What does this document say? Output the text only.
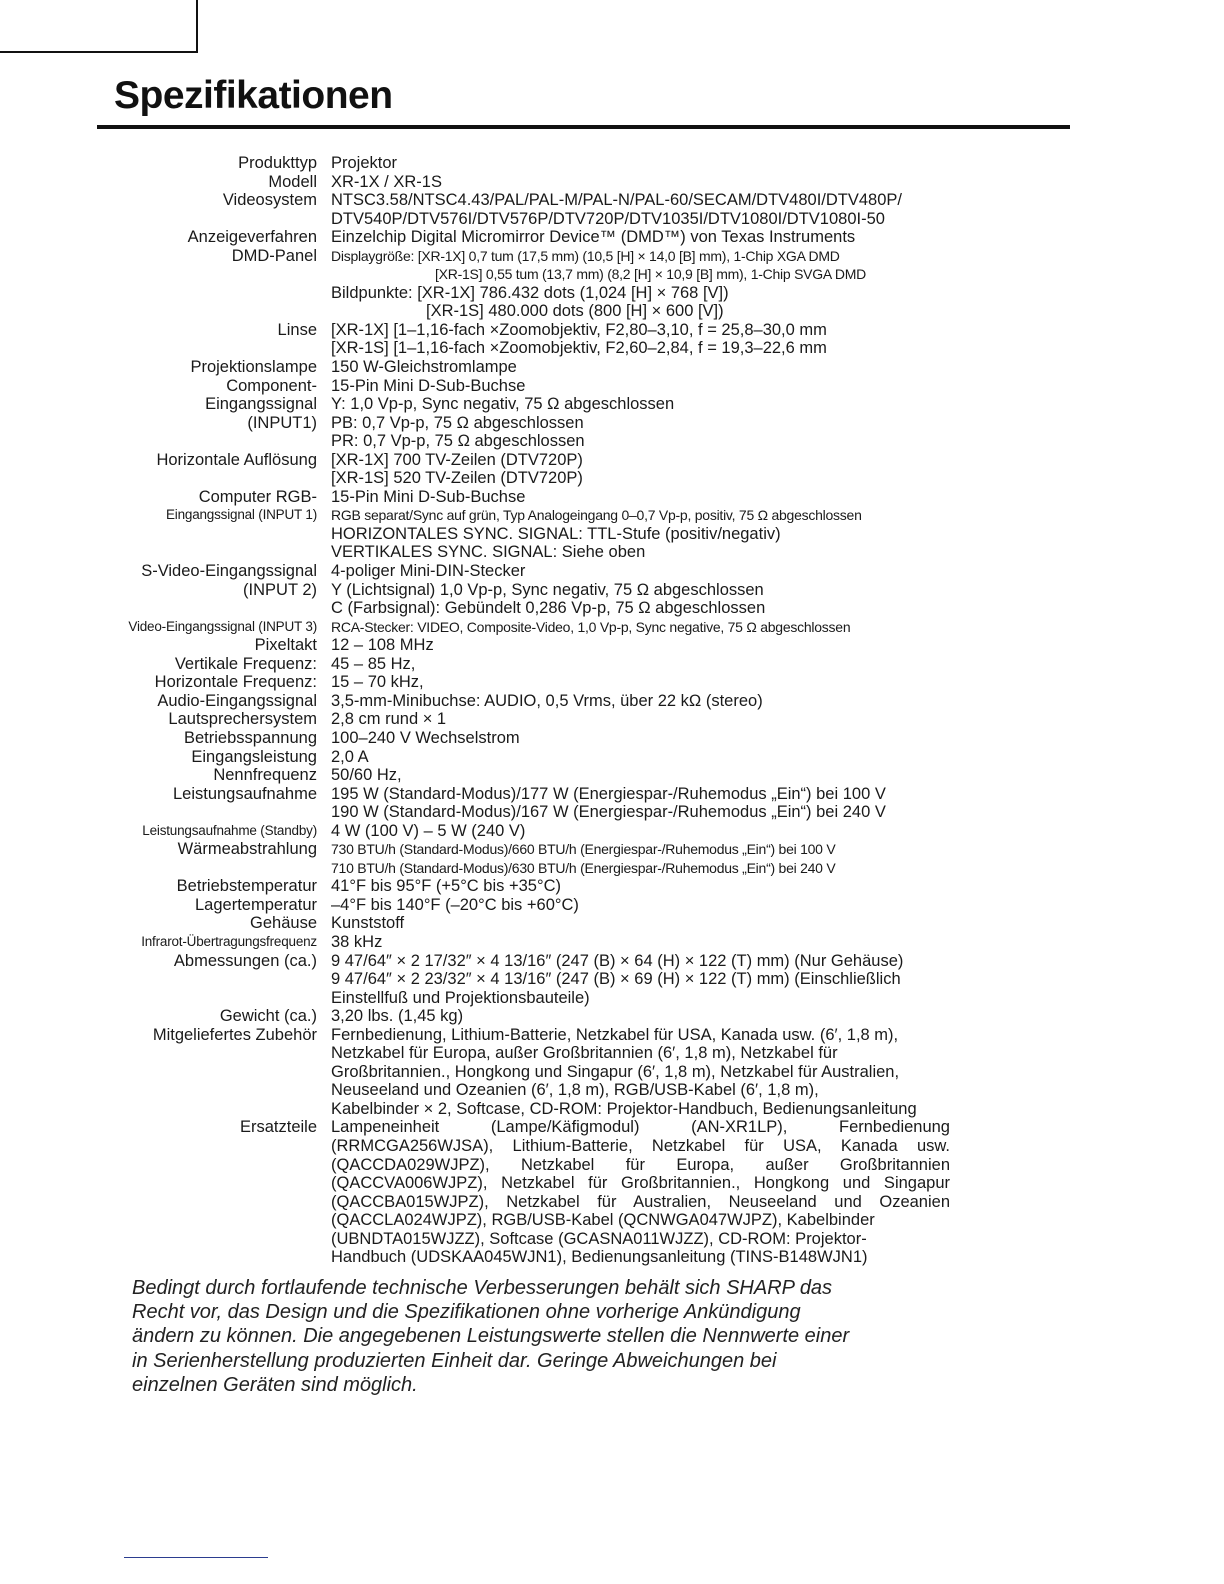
Spezifikationen
Produkttyp Projektor
Modell XR-1X / XR-1S
Videosystem NTSC3.58/NTSC4.43/PAL/PAL-M/PAL-N/PAL-60/SECAM/DTV480I/DTV480P/
DTV540P/DTV576I/DTV576P/DTV720P/DTV1035I/DTV1080I/DTV1080I-50
Anzeigeverfahren Einzelchip Digital Micromirror Device™ (DMD™) von Texas Instruments
DMD-Panel Displaygröße: [XR-1X] 0,7 tum (17,5 mm) (10,5 [H] × 14,0 [B] mm), 1-Chip XGA DMD
[XR-1S] 0,55 tum (13,7 mm) (8,2 [H] × 10,9 [B] mm), 1-Chip SVGA DMD
Bildpunkte: [XR-1X] 786.432 dots (1,024 [H] × 768 [V])
[XR-1S] 480.000 dots (800 [H] × 600 [V])
Linse [XR-1X] [1–1,16-fach ×Zoomobjektiv, F2,80–3,10, f = 25,8–30,0 mm
[XR-1S] [1–1,16-fach ×Zoomobjektiv, F2,60–2,84, f = 19,3–22,6 mm
Projektionslampe 150 W-Gleichstromlampe
Component- 15-Pin Mini D-Sub-Buchse
Eingangssignal Y: 1,0 Vp-p, Sync negativ, 75 Ω abgeschlossen
(INPUT1) PB: 0,7 Vp-p, 75 Ω abgeschlossen
PR: 0,7 Vp-p, 75 Ω abgeschlossen
Horizontale Auflösung [XR-1X] 700 TV-Zeilen (DTV720P)
[XR-1S] 520 TV-Zeilen (DTV720P)
Computer RGB- 15-Pin Mini D-Sub-Buchse
Eingangssignal (INPUT 1) RGB separat/Sync auf grün, Typ Analogeingang 0–0,7 Vp-p, positiv, 75 Ω abgeschlossen
HORIZONTALES SYNC. SIGNAL: TTL-Stufe (positiv/negativ)
VERTIKALES SYNC. SIGNAL: Siehe oben
S-Video-Eingangssignal 4-poliger Mini-DIN-Stecker
(INPUT 2) Y (Lichtsignal) 1,0 Vp-p, Sync negativ, 75 Ω abgeschlossen
C (Farbsignal): Gebündelt 0,286 Vp-p, 75 Ω abgeschlossen
Video-Eingangssignal (INPUT 3) RCA-Stecker: VIDEO, Composite-Video, 1,0 Vp-p, Sync negative, 75 Ω abgeschlossen
Pixeltakt 12 – 108 MHz
Vertikale Frequenz: 45 – 85 Hz,
Horizontale Frequenz: 15 – 70 kHz,
Audio-Eingangssignal 3,5-mm-Minibuchse: AUDIO, 0,5 Vrms, über 22 kΩ (stereo)
Lautsprechersystem 2,8 cm rund × 1
Betriebsspannung 100–240 V Wechselstrom
Eingangsleistung 2,0 A
Nennfrequenz 50/60 Hz,
Leistungsaufnahme 195 W (Standard-Modus)/177 W (Energiespar-/Ruhemodus „Ein“) bei 100 V
190 W (Standard-Modus)/167 W (Energiespar-/Ruhemodus „Ein“) bei 240 V
Leistungsaufnahme (Standby) 4 W (100 V) – 5 W (240 V)
Wärmeabstrahlung 730 BTU/h (Standard-Modus)/660 BTU/h (Energiespar-/Ruhemodus „Ein“) bei 100 V
710 BTU/h (Standard-Modus)/630 BTU/h (Energiespar-/Ruhemodus „Ein“) bei 240 V
Betriebstemperatur 41°F bis 95°F (+5°C bis +35°C)
Lagertemperatur –4°F bis 140°F (–20°C bis +60°C)
Gehäuse Kunststoff
Infrarot-Übertragungsfrequenz 38 kHz
Abmessungen (ca.) 9 47/64″ × 2 17/32″ × 4 13/16″ (247 (B) × 64 (H) × 122 (T) mm) (Nur Gehäuse)
9 47/64″ × 2 23/32″ × 4 13/16″ (247 (B) × 69 (H) × 122 (T) mm) (Einschließlich
Einstellfuß und Projektionsbauteile)
Gewicht (ca.) 3,20 lbs. (1,45 kg)
Mitgeliefertes Zubehör Fernbedienung, Lithium-Batterie, Netzkabel für USA, Kanada usw. (6′, 1,8 m),
Netzkabel für Europa, außer Großbritannien (6′, 1,8 m), Netzkabel für
Großbritannien., Hongkong und Singapur (6′, 1,8 m), Netzkabel für Australien,
Neuseeland und Ozeanien (6′, 1,8 m), RGB/USB-Kabel (6′, 1,8 m),
Kabelbinder × 2, Softcase, CD-ROM: Projektor-Handbuch, Bedienungsanleitung
Ersatzteile Lampeneinheit (Lampe/Käfigmodul) (AN-XR1LP), Fernbedienung
(RRMCGA256WJSA), Lithium-Batterie, Netzkabel für USA, Kanada usw.
(QACCDA029WJPZ), Netzkabel für Europa, außer Großbritannien
(QACCVA006WJPZ), Netzkabel für Großbritannien., Hongkong und Singapur
(QACCBA015WJPZ), Netzkabel für Australien, Neuseeland und Ozeanien
(QACCLA024WJPZ), RGB/USB-Kabel (QCNWGA047WJPZ), Kabelbinder
(UBNDTA015WJZZ), Softcase (GCASNA011WJZZ), CD-ROM: Projektor-
Handbuch (UDSKAA045WJN1), Bedienungsanleitung (TINS-B148WJN1)
Bedingt durch fortlaufende technische Verbesserungen behält sich SHARP das
Recht vor, das Design und die Spezifikationen ohne vorherige Ankündigung
ändern zu können. Die angegebenen Leistungswerte stellen die Nennwerte einer
in Serienherstellung produzierten Einheit dar. Geringe Abweichungen bei
einzelnen Geräten sind möglich.
